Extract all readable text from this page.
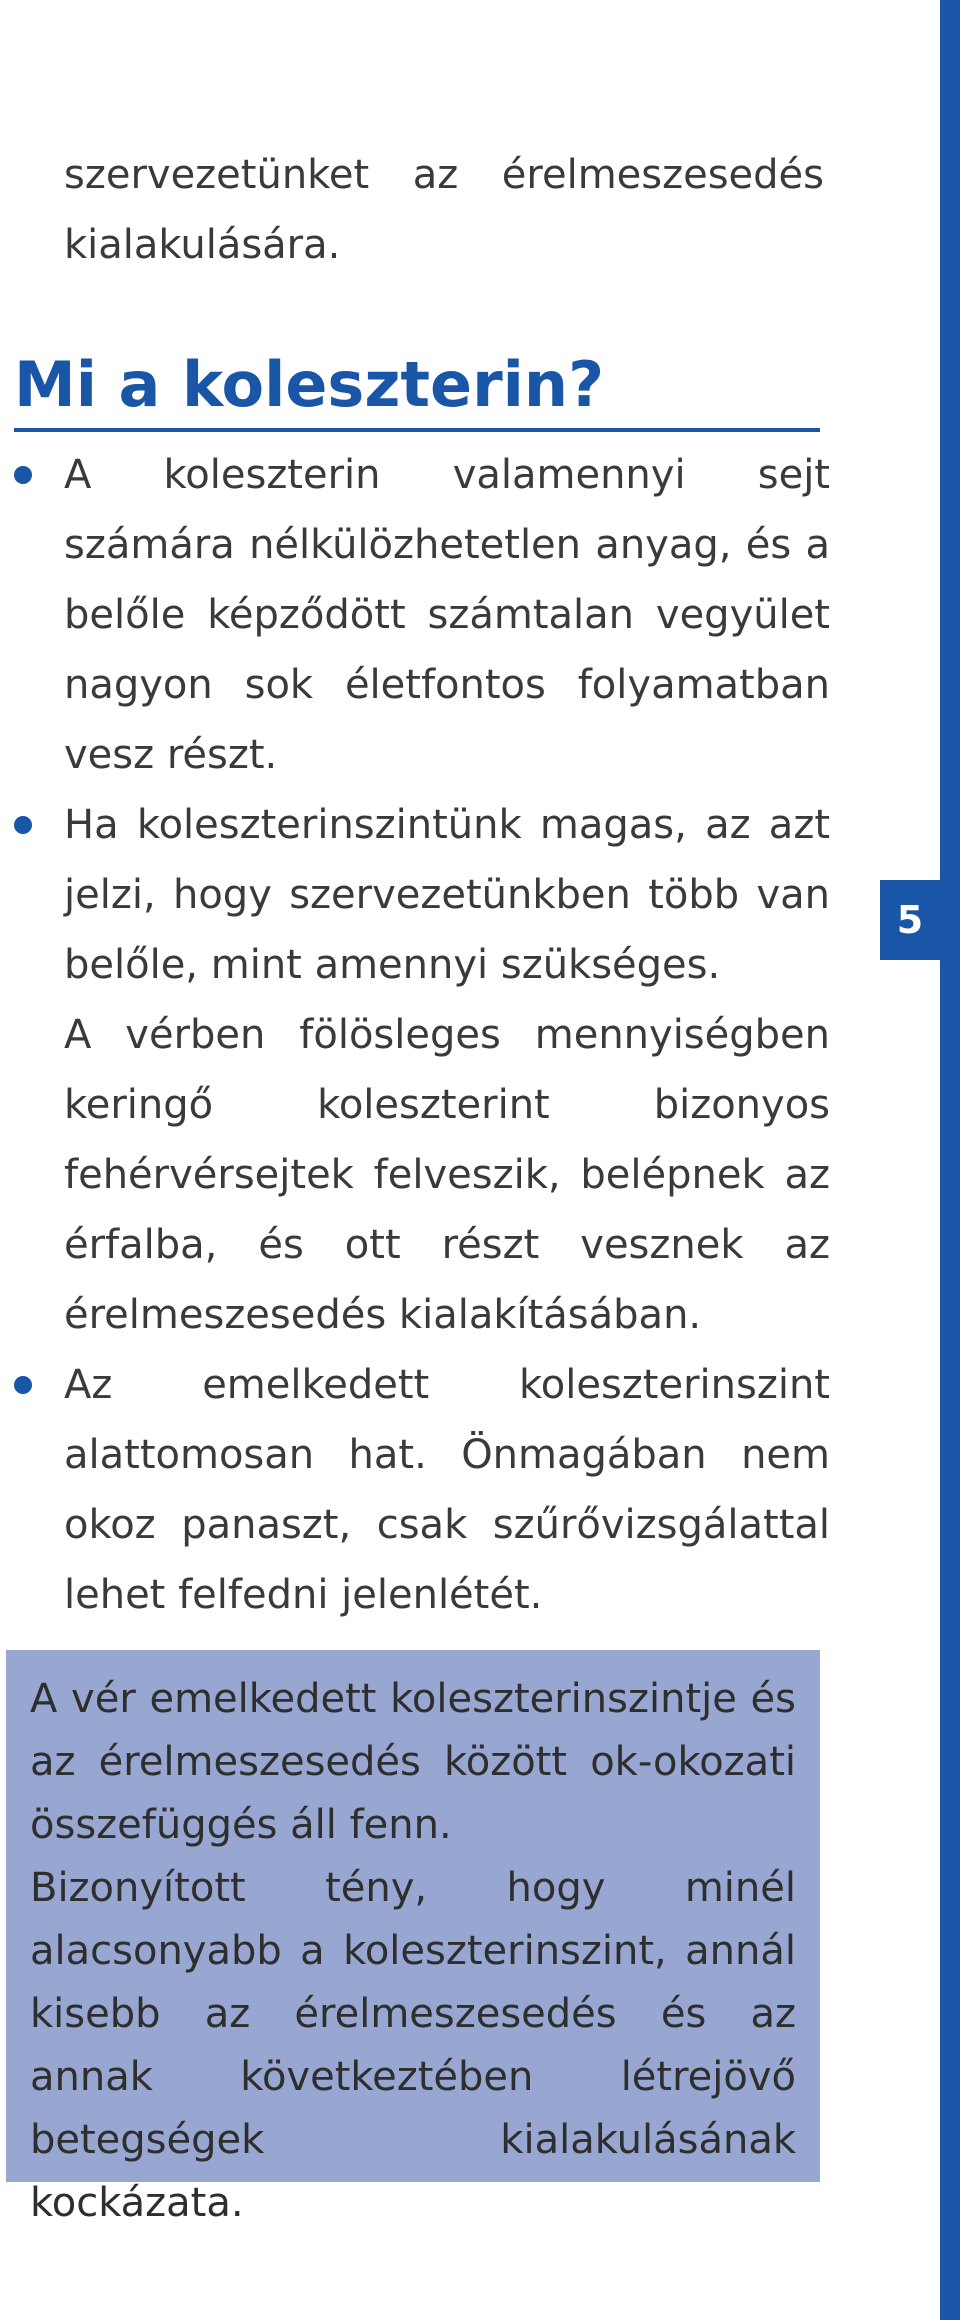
5
szervezetünket az érelmeszesedés kialakulására.
Mi a koleszterin?
A koleszterin valamennyi sejt számára nélkülözhetetlen anyag, és a belőle képződött számtalan vegyület nagyon sok életfontos folyamatban vesz részt.
Ha koleszterinszintünk magas, az azt jelzi, hogy szervezetünkben több van belőle, mint amennyi szükséges.
A vérben fölösleges mennyiségben keringő koleszterint bizonyos fehérvérsejtek felveszik, belépnek az érfalba, és ott részt vesznek az érelmeszesedés kialakításában.
Az emelkedett koleszterinszint alattomosan hat. Önmagában nem okoz panaszt, csak szűrővizsgálattal lehet felfedni jelenlétét.

A vér emelkedett koleszterinszintje és az érelmeszesedés között ok-okozati összefüggés áll fenn.

Bizonyított tény, hogy minél alacsonyabb a koleszterinszint, annál kisebb az érelmeszesedés és az annak következtében létrejövő betegségek kialakulásának kockázata.
